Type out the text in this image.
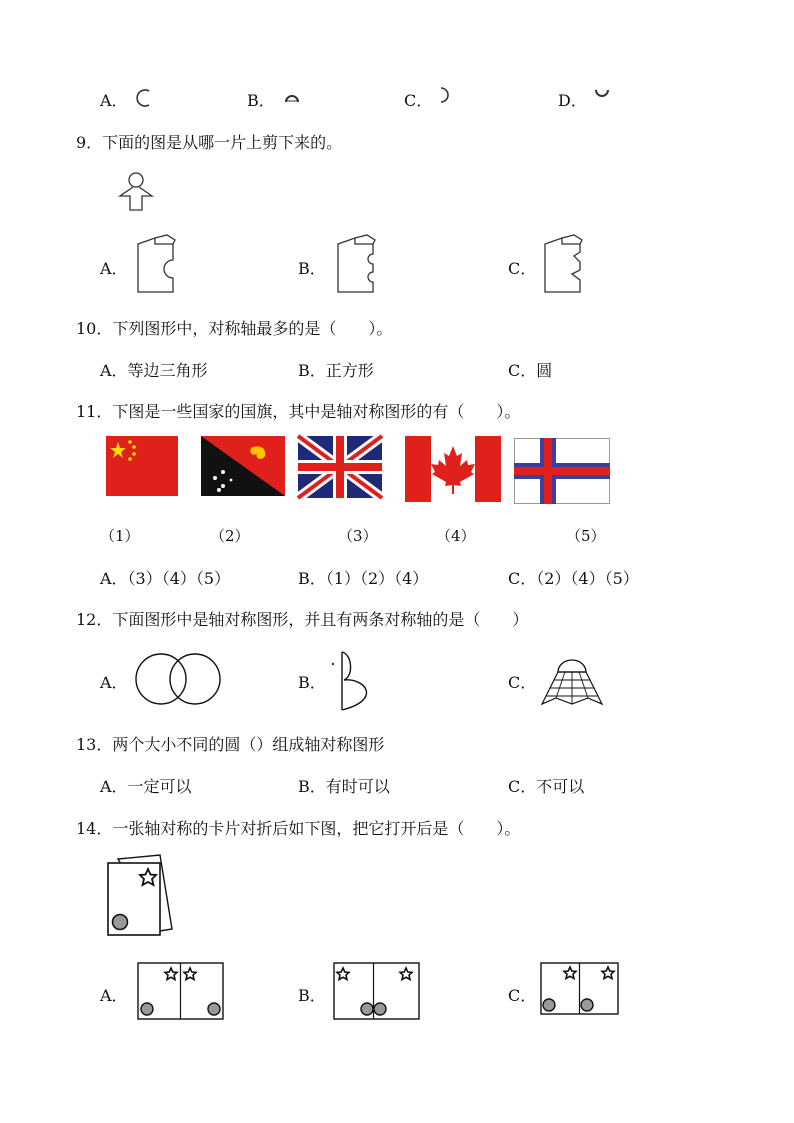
A．	B．	C．	D．
9．下面的图是从哪一片上剪下来的。
A．	B．	C．
10．下列图形中，对称轴最多的是（　　）。
A．等边三角形	B．正方形	C．圆
11．下图是一些国家的国旗，其中是轴对称图形的有（　　）。
（1）	（2）	（3）	（4）	（5）
A．（3）（4）（5）	B．（1）（2）（4）	C．（2）（4）（5）
12．下面图形中是轴对称图形，并且有两条对称轴的是（　　）
A．	B．	C．
13．两个大小不同的圆（）组成轴对称图形
A．一定可以	B．有时可以	C．不可以
14．一张轴对称的卡片对折后如下图，把它打开后是（　　）。
A．	B．	C．
